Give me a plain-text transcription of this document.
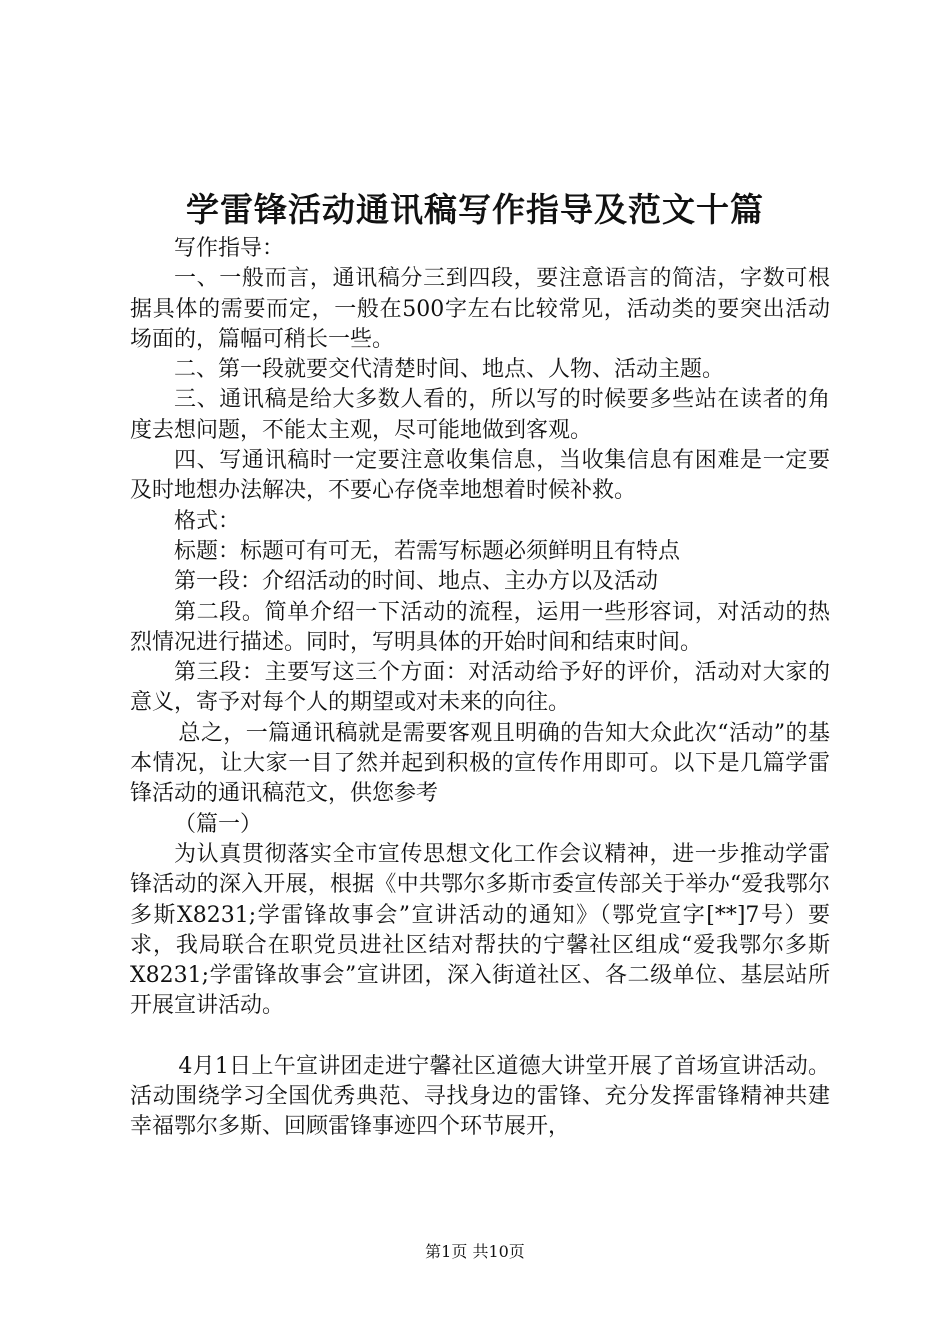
学雷锋活动通讯稿写作指导及范文十篇

写作指导：

一、一般而言，通讯稿分三到四段，要注意语言的简洁，字数可根据具体的需要而定，一般在500字左右比较常见，活动类的要突出活动场面的，篇幅可稍长一些。

二、第一段就要交代清楚时间、地点、人物、活动主题。

三、通讯稿是给大多数人看的，所以写的时候要多些站在读者的角度去想问题，不能太主观，尽可能地做到客观。

四、写通讯稿时一定要注意收集信息，当收集信息有困难是一定要及时地想办法解决，不要心存侥幸地想着时候补救。

格式：

标题：标题可有可无，若需写标题必须鲜明且有特点

第一段：介绍活动的时间、地点、主办方以及活动

第二段。简单介绍一下活动的流程，运用一些形容词，对活动的热烈情况进行描述。同时，写明具体的开始时间和结束时间。

第三段：主要写这三个方面：对活动给予好的评价，活动对大家的意义，寄予对每个人的期望或对未来的向往。

总之，一篇通讯稿就是需要客观且明确的告知大众此次“活动”的基本情况，让大家一目了然并起到积极的宣传作用即可。以下是几篇学雷锋活动的通讯稿范文，供您参考

（篇一）

为认真贯彻落实全市宣传思想文化工作会议精神，进一步推动学雷锋活动的深入开展，根据《中共鄂尔多斯市委宣传部关于举办“爱我鄂尔多斯X8231;学雷锋故事会”宣讲活动的通知》（鄂党宣字[**]7号）要求，我局联合在职党员进社区结对帮扶的宁馨社区组成“爱我鄂尔多斯X8231;学雷锋故事会”宣讲团，深入街道社区、各二级单位、基层站所开展宣讲活动。

4月1日上午宣讲团走进宁馨社区道德大讲堂开展了首场宣讲活动。活动围绕学习全国优秀典范、寻找身边的雷锋、充分发挥雷锋精神共建幸福鄂尔多斯、回顾雷锋事迹四个环节展开，

第1页 共10页
